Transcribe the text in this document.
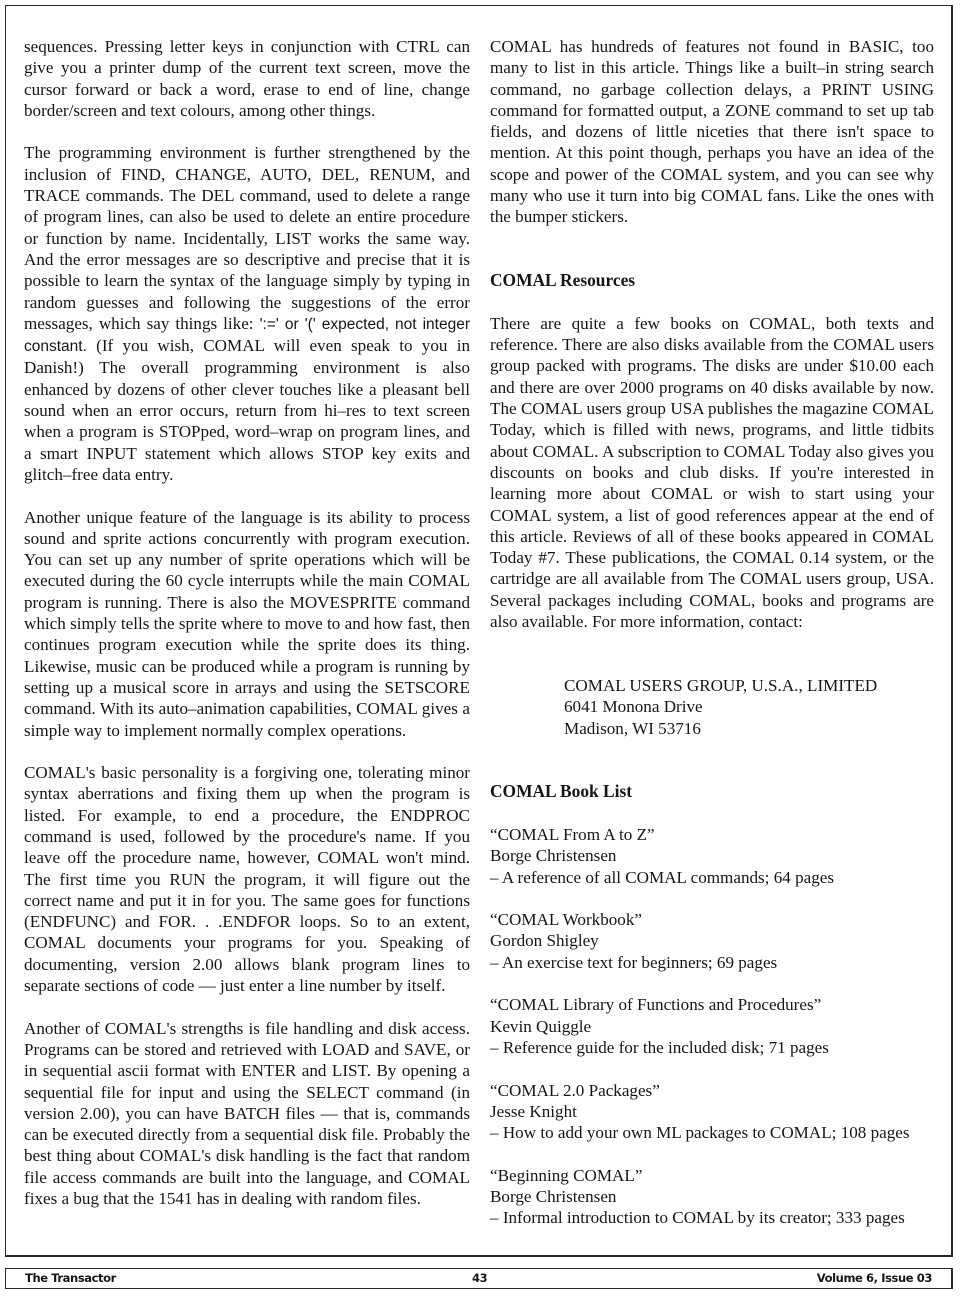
sequences. Pressing letter keys in conjunction with CTRL can give you a printer dump of the current text screen, move the cursor forward or back a word, erase to end of line, change border/screen and text colours, among other things.

The programming environment is further strengthened by the inclusion of FIND, CHANGE, AUTO, DEL, RENUM, and TRACE commands. The DEL command, used to delete a range of program lines, can also be used to delete an entire procedure or function by name. Incidentally, LIST works the same way. And the error messages are so descriptive and precise that it is possible to learn the syntax of the language simply by typing in random guesses and following the suggestions of the error messages, which say things like: ':=' or '(' expected, not integer constant. (If you wish, COMAL will even speak to you in Danish!) The overall programming environment is also enhanced by dozens of other clever touches like a pleasant bell sound when an error occurs, return from hi–res to text screen when a program is STOPped, word–wrap on program lines, and a smart INPUT statement which allows STOP key exits and glitch–free data entry.

Another unique feature of the language is its ability to process sound and sprite actions concurrently with program execution. You can set up any number of sprite operations which will be executed during the 60 cycle interrupts while the main COMAL program is running. There is also the MOVESPRITE command which simply tells the sprite where to move to and how fast, then continues program execution while the sprite does its thing. Likewise, music can be produced while a program is running by setting up a musical score in arrays and using the SETSCORE command. With its auto–animation capabilities, COMAL gives a simple way to implement normally complex operations.

COMAL's basic personality is a forgiving one, tolerating minor syntax aberrations and fixing them up when the program is listed. For example, to end a procedure, the ENDPROC command is used, followed by the procedure's name. If you leave off the procedure name, however, COMAL won't mind. The first time you RUN the program, it will figure out the correct name and put it in for you. The same goes for functions (ENDFUNC) and FOR. . .ENDFOR loops. So to an extent, COMAL documents your programs for you. Speaking of documenting, version 2.00 allows blank program lines to separate sections of code — just enter a line number by itself.

Another of COMAL's strengths is file handling and disk access. Programs can be stored and retrieved with LOAD and SAVE, or in sequential ascii format with ENTER and LIST. By opening a sequential file for input and using the SELECT command (in version 2.00), you can have BATCH files — that is, commands can be executed directly from a sequential disk file. Probably the best thing about COMAL's disk handling is the fact that random file access commands are built into the language, and COMAL fixes a bug that the 1541 has in dealing with random files.

COMAL has hundreds of features not found in BASIC, too many to list in this article. Things like a built–in string search command, no garbage collection delays, a PRINT USING command for formatted output, a ZONE command to set up tab fields, and dozens of little niceties that there isn't space to mention. At this point though, perhaps you have an idea of the scope and power of the COMAL system, and you can see why many who use it turn into big COMAL fans. Like the ones with the bumper stickers.

COMAL Resources

There are quite a few books on COMAL, both texts and reference. There are also disks available from the COMAL users group packed with programs. The disks are under $10.00 each and there are over 2000 programs on 40 disks available by now. The COMAL users group USA publishes the magazine COMAL Today, which is filled with news, programs, and little tidbits about COMAL. A subscription to COMAL Today also gives you discounts on books and club disks. If you're interested in learning more about COMAL or wish to start using your COMAL system, a list of good references appear at the end of this article. Reviews of all of these books appeared in COMAL Today #7. These publications, the COMAL 0.14 system, or the cartridge are all available from The COMAL users group, USA. Several packages including COMAL, books and programs are also available. For more information, contact:

COMAL USERS GROUP, U.S.A., LIMITED
6041 Monona Drive
Madison, WI 53716
COMAL Book List
“COMAL From A to Z”
Borge Christensen
– A reference of all COMAL commands; 64 pages
“COMAL Workbook”
Gordon Shigley
– An exercise text for beginners; 69 pages
“COMAL Library of Functions and Procedures”
Kevin Quiggle
– Reference guide for the included disk; 71 pages
“COMAL 2.0 Packages”
Jesse Knight
– How to add your own ML packages to COMAL; 108 pages
“Beginning COMAL”
Borge Christensen
– Informal introduction to COMAL by its creator; 333 pages
The Transactor	43	Volume 6, Issue 03
